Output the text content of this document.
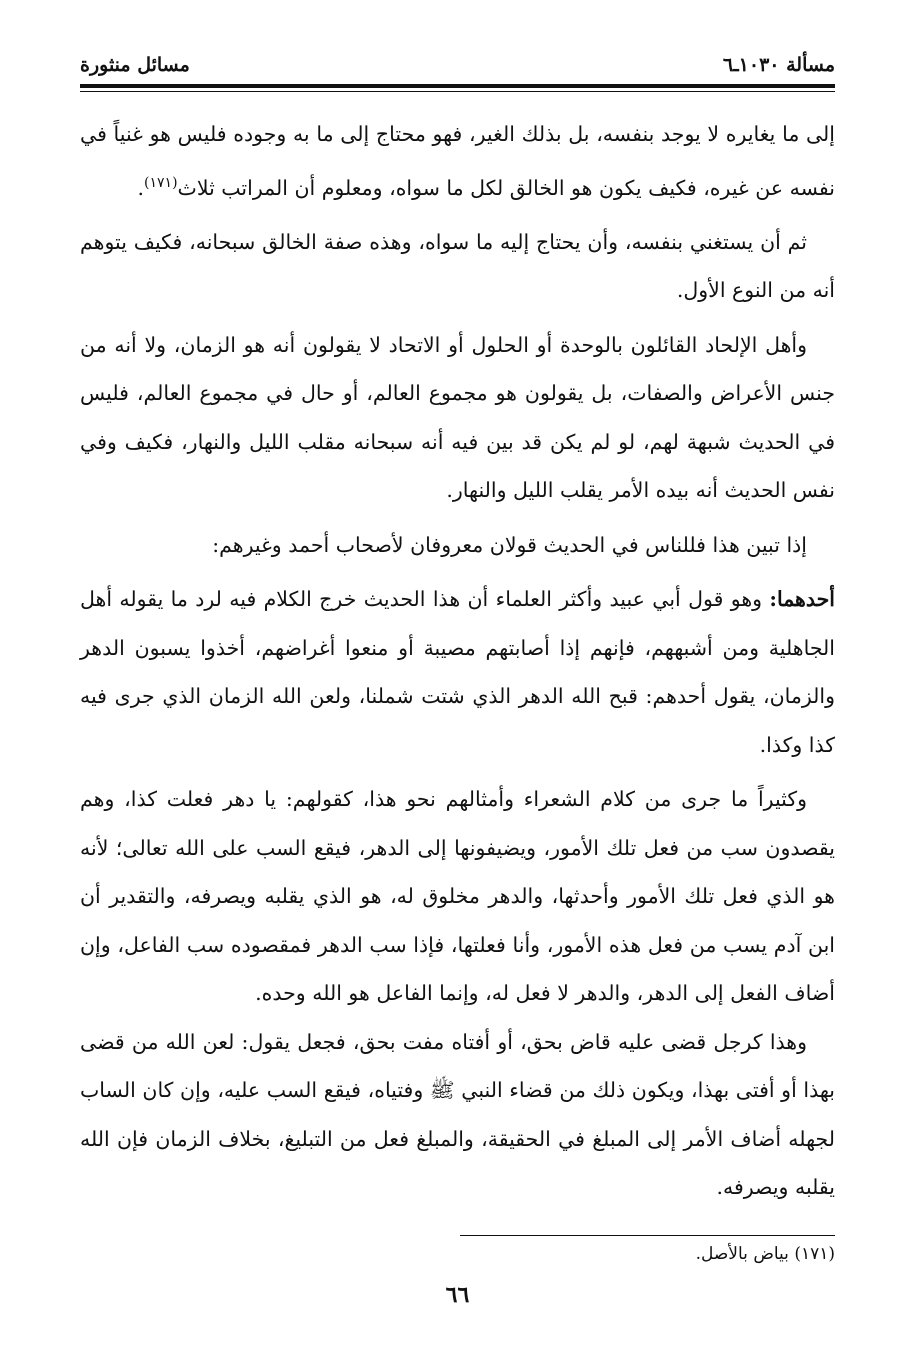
مسألة ١٠٣٠ـ٦
مسائل منثورة

إلى ما يغايره لا يوجد بنفسه، بل بذلك الغير، فهو محتاج إلى ما به وجوده فليس هو غنياً في نفسه عن غيره، فكيف يكون هو الخالق لكل ما سواه، ومعلوم أن المراتب ثلاث$^{(١٧١)}$.

ثم أن يستغني بنفسه، وأن يحتاج إليه ما سواه، وهذه صفة الخالق سبحانه، فكيف يتوهم أنه من النوع الأول.

وأهل الإلحاد القائلون بالوحدة أو الحلول أو الاتحاد لا يقولون أنه هو الزمان، ولا أنه من جنس الأعراض والصفات، بل يقولون هو مجموع العالم، أو حال في مجموع العالم، فليس في الحديث شبهة لهم، لو لم يكن قد بين فيه أنه سبحانه مقلب الليل والنهار، فكيف وفي نفس الحديث أنه بيده الأمر يقلب الليل والنهار.

إذا تبين هذا فللناس في الحديث قولان معروفان لأصحاب أحمد وغيرهم:

أحدهما: وهو قول أبي عبيد وأكثر العلماء أن هذا الحديث خرج الكلام فيه لرد ما يقوله أهل الجاهلية ومن أشبههم، فإنهم إذا أصابتهم مصيبة أو منعوا أغراضهم، أخذوا يسبون الدهر والزمان، يقول أحدهم: قبح الله الدهر الذي شتت شملنا، ولعن الله الزمان الذي جرى فيه كذا وكذا.

وكثيراً ما جرى من كلام الشعراء وأمثالهم نحو هذا، كقولهم: يا دهر فعلت كذا، وهم يقصدون سب من فعل تلك الأمور، ويضيفونها إلى الدهر، فيقع السب على الله تعالى؛ لأنه هو الذي فعل تلك الأمور وأحدثها، والدهر مخلوق له، هو الذي يقلبه ويصرفه، والتقدير أن ابن آدم يسب من فعل هذه الأمور، وأنا فعلتها، فإذا سب الدهر فمقصوده سب الفاعل، وإن أضاف الفعل إلى الدهر، والدهر لا فعل له، وإنما الفاعل هو الله وحده.

وهذا كرجل قضى عليه قاض بحق، أو أفتاه مفت بحق، فجعل يقول: لعن الله من قضى بهذا أو أفتى بهذا، ويكون ذلك من قضاء النبي ﷺ وفتياه، فيقع السب عليه، وإن كان الساب لجهله أضاف الأمر إلى المبلغ في الحقيقة، والمبلغ فعل من التبليغ، بخلاف الزمان فإن الله يقلبه ويصرفه.

(١٧١) بياض بالأصل.
٦٦
